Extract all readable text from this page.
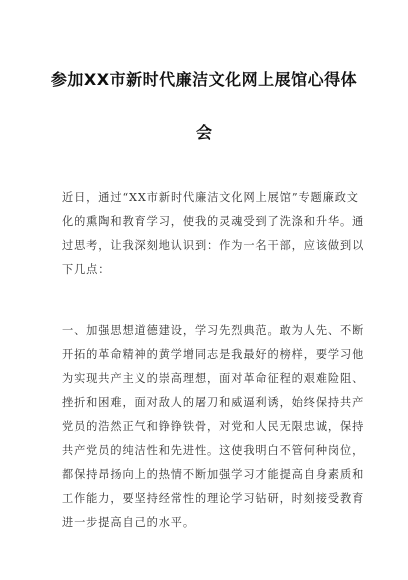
参加XX市新时代廉洁文化网上展馆心得体
会
近日，通过“XX市新时代廉洁文化网上展馆”专题廉政文
化的熏陶和教育学习，使我的灵魂受到了洗涤和升华。通
过思考，让我深刻地认识到：作为一名干部，应该做到以
下几点：
一、加强思想道德建设，学习先烈典范。敢为人先、不断
开拓的革命精神的黄学增同志是我最好的榜样，要学习他
为实现共产主义的崇高理想，面对革命征程的艰难险阻、
挫折和困难，面对敌人的屠刀和威逼利诱，始终保持共产
党员的浩然正气和铮铮铁骨，对党和人民无限忠诚，保持
共产党员的纯洁性和先进性。这使我明白不管何种岗位，
都保持昂扬向上的热情不断加强学习才能提高自身素质和
工作能力，要坚持经常性的理论学习钻研，时刻接受教育
进一步提高自己的水平。
